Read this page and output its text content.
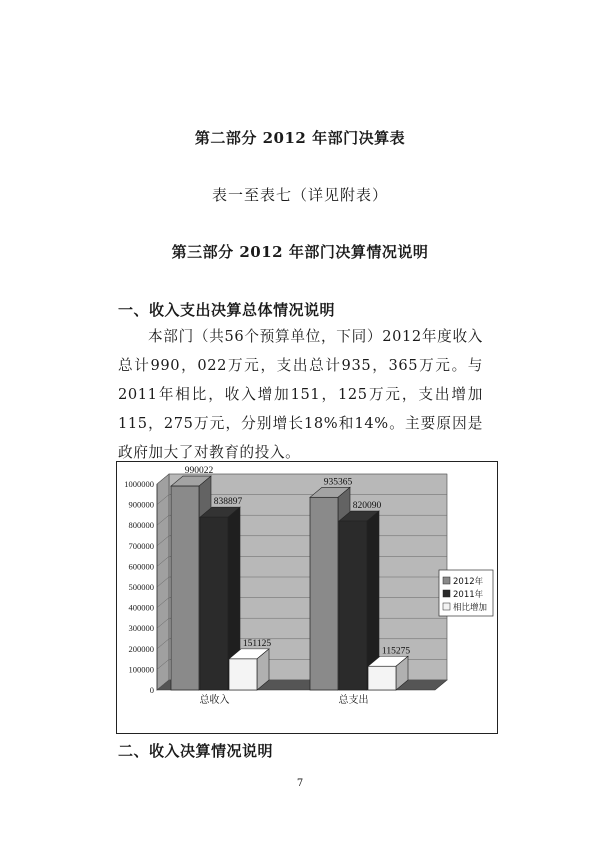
第二部分 2012 年部门决算表
表一至表七（详见附表）
第三部分 2012 年部门决算情况说明
一、收入支出决算总体情况说明

本部门（共56个预算单位，下同）2012年度收入总计990，022万元，支出总计935，365万元。与2011年相比，收入增加151，125万元，支出增加115，275万元，分别增长18%和14%。主要原因是政府加大了对教育的投入。

0
100000
200000
300000
400000
500000
600000
700000
800000
900000
1000000
990022
838897
151125
总收入
935365
820090
115275
总支出
2012年
2011年
相比增加
二、收入决算情况说明
7
